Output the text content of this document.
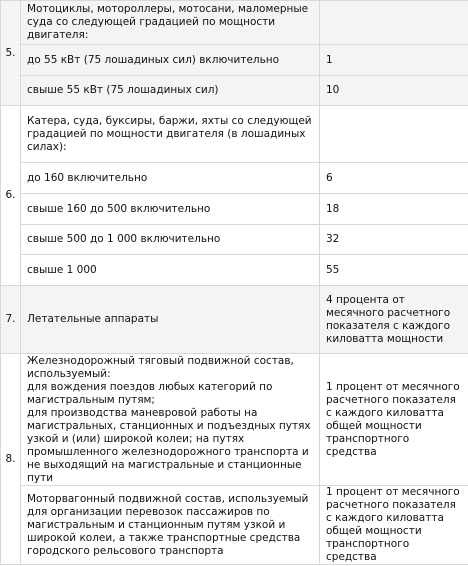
5.	Мотоциклы, мотороллеры, мотосани, маломерные суда со следующей градацией по мощности двигателя:	
	до 55 кВт (75 лошадиных сил) включительно	1
	свыше 55 кВт (75 лошадиных сил)	10
6.	Катера, суда, буксиры, баржи, яхты со следующей градацией по мощности двигателя (в лошадиных силах):	
	до 160 включительно	6
	свыше 160 до 500 включительно	18
	свыше 500 до 1 000 включительно	32
	свыше 1 000	55
7.	Летательные аппараты	4 процента от месячного расчетного показателя с каждого киловатта мощности
8.	Железнодорожный тяговый подвижной состав, используемый:
для вождения поездов любых категорий по магистральным путям;
для производства маневровой работы на магистральных, станционных и подъездных путях узкой и (или) широкой колеи; на путях промышленного железнодорожного транспорта и не выходящий на магистральные и станционные пути	1 процент от месячного расчетного показателя с каждого киловатта общей мощности транспортного средства
	Моторвагонный подвижной состав, используемый для организации перевозок пассажиров по магистральным и станционным путям узкой и широкой колеи, а также транспортные средства городского рельсового транспорта	1 процент от месячного расчетного показателя с каждого киловатта общей мощности транспортного средства
